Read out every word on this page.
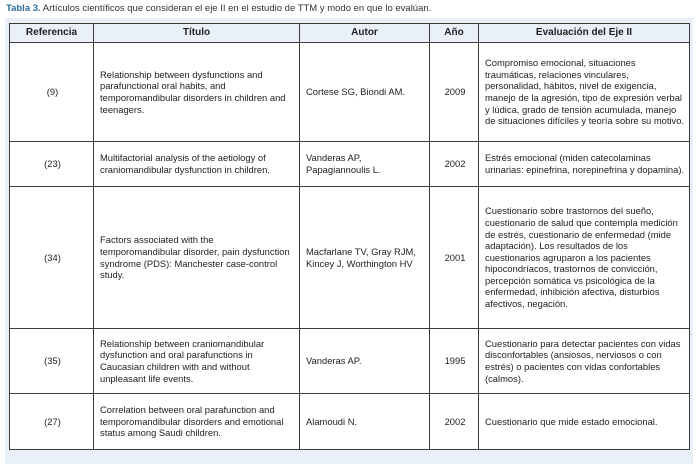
Tabla 3. Artículos científicos que consideran el eje II en el estudio de TTM y modo en que lo evalúan.
Referencia	Título	Autor	Año	Evaluación del Eje II
(9)	Relationship between dysfunctions and parafunctional oral habits, and temporomandibular disorders in children and teenagers.	Cortese SG, Biondi AM.	2009	Compromiso emocional, situaciones traumáticas, relaciones vinculares, personalidad, hábitos, nivel de exigencia, manejo de la agresión, tipo de expresión verbal y lúdica, grado de tensión acumulada, manejo de situaciones difíciles y teoría sobre su motivo.
(23)	Multifactorial analysis of the aetiology of craniomandibular dysfunction in children.	Vanderas AP, Papagiannoulis L.	2002	Estrés emocional (miden catecolaminas urinarias: epinefrina, norepinefrina y dopamina).
(34)	Factors associated with the temporomandibular disorder, pain dysfunction syndrome (PDS): Manchester case-control study.	Macfarlane TV, Gray RJM, Kincey J, Worthington HV	2001	Cuestionario sobre trastornos del sueño, cuestionario de salud que contempla medición de estrés, cuestionario de enfermedad (mide adaptación). Los resultados de los cuestionarios agruparon a los pacientes hipocondríacos, trastornos de convicción, percepción somática vs psicológica de la enfermedad, inhibición afectiva, disturbios afectivos, negación.
(35)	Relationship between craniomandibular dysfunction and oral parafunctions in Caucasian children with and without unpleasant life events.	Vanderas AP.	1995	Cuestionario para detectar pacientes con vidas disconfortables (ansiosos, nerviosos o con estrés) o pacientes con vidas confortables (calmos).
(27)	Correlation between oral parafunction and temporomandibular disorders and emotional status among Saudi children.	Alamoudi N.	2002	Cuestionario que mide estado emocional.
